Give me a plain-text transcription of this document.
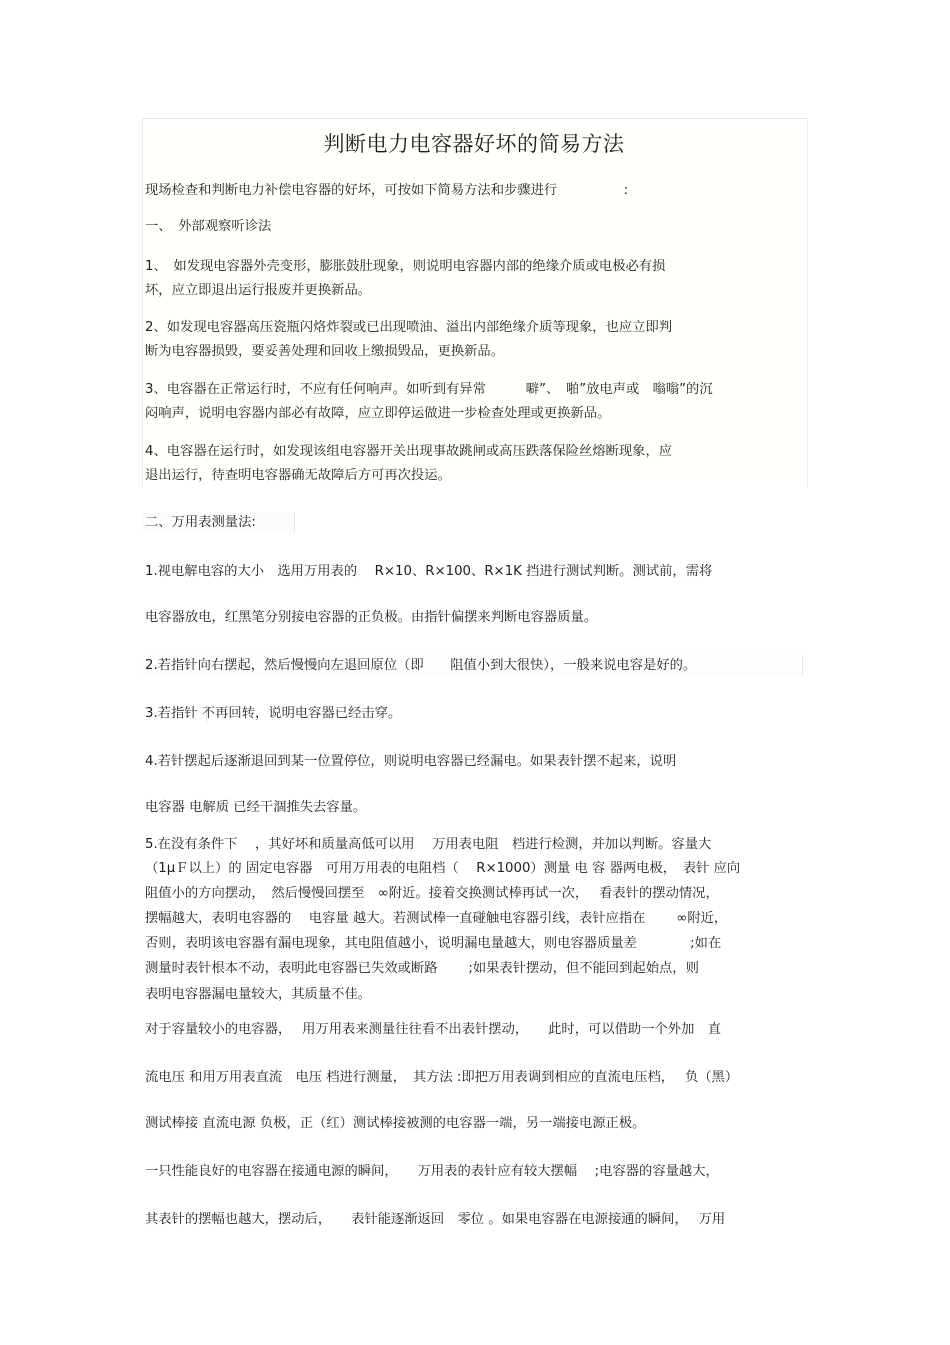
判断电力电容器好坏的简易方法
现场检查和判断电力补偿电容器的好坏，可按如下简易方法和步骤进行　　　　　:
一、　外部观察听诊法
1、　如发现电容器外壳变形，膨胀鼓肚现象，则说明电容器内部的绝缘介质或电极必有损
坏，应立即退出运行报废并更换新品。
2、如发现电容器高压瓷瓶闪烙炸裂或已出现喷油、溢出内部绝缘介质等现象，也应立即判
断为电容器损毁，要妥善处理和回收上缴损毁品，更换新品。
3、电容器在正常运行时，不应有任何响声。如听到有异常　　　噼”、　啪”放电声或　嗡嗡”的沉
闷响声，说明电容器内部必有故障，应立即停运做进一步检查处理或更换新品。
4、电容器在运行时，如发现该组电容器开关出现事故跳闸或高压跌落保险丝熔断现象，应
退出运行，待查明电容器确无故障后方可再次投运。
二、万用表测量法:
1.视电解电容的大小　选用万用表的　 R×10、R×100、R×1K 挡进行测试判断。测试前，需将
电容器放电，红黑笔分别接电容器的正负极。由指针偏摆来判断电容器质量。
2.若指针向右摆起，然后慢慢向左退回原位（即　　阻值小到大很快），一般来说电容是好的。
3.若指针 不再回转，说明电容器已经击穿。
4.若针摆起后逐渐退回到某一位置停位，则说明电容器已经漏电。如果表针摆不起来，说明
电容器 电解质 已经干涸推失去容量。
5.在没有条件下　 ，其好坏和质量高低可以用　 万用表电阻　档进行检测，并加以判断。容量大
（1μＦ以上）的 固定电容器　可用万用表的电阻档（　 R×1000）测量 电 容 器两电极，　表针 应向
阻值小的方向摆动，　然后慢慢回摆至　∞附近。接着交换测试棒再试一次，　 看表针的摆动情况，
摆幅越大，表明电容器的　 电容量 越大。若测试棒一直碰触电容器引线，表针应指在　　 ∞附近，
否则，表明该电容器有漏电现象，其电阻值越小，说明漏电量越大，则电容器质量差　　　　;如在
测量时表针根本不动，表明此电容器已失效或断路　　 ;如果表针摆动，但不能回到起始点，则
表明电容器漏电量较大，其质量不佳。
对于容量较小的电容器，　 用万用表来测量往往看不出表针摆动，　　此时，可以借助一个外加　直
流电压 和用万用表直流　电压 档进行测量，　其方法 :即把万用表调到相应的直流电压档，　 负（黑）
测试棒接 直流电源 负极，正（红）测试棒接被测的电容器一端，另一端接电源正极。
一只性能良好的电容器在接通电源的瞬间，　　万用表的表针应有较大摆幅　 ;电容器的容量越大，
其表针的摆幅也越大，摆动后，　　表针能逐渐返回　零位 。如果电容器在电源接通的瞬间，　 万用
